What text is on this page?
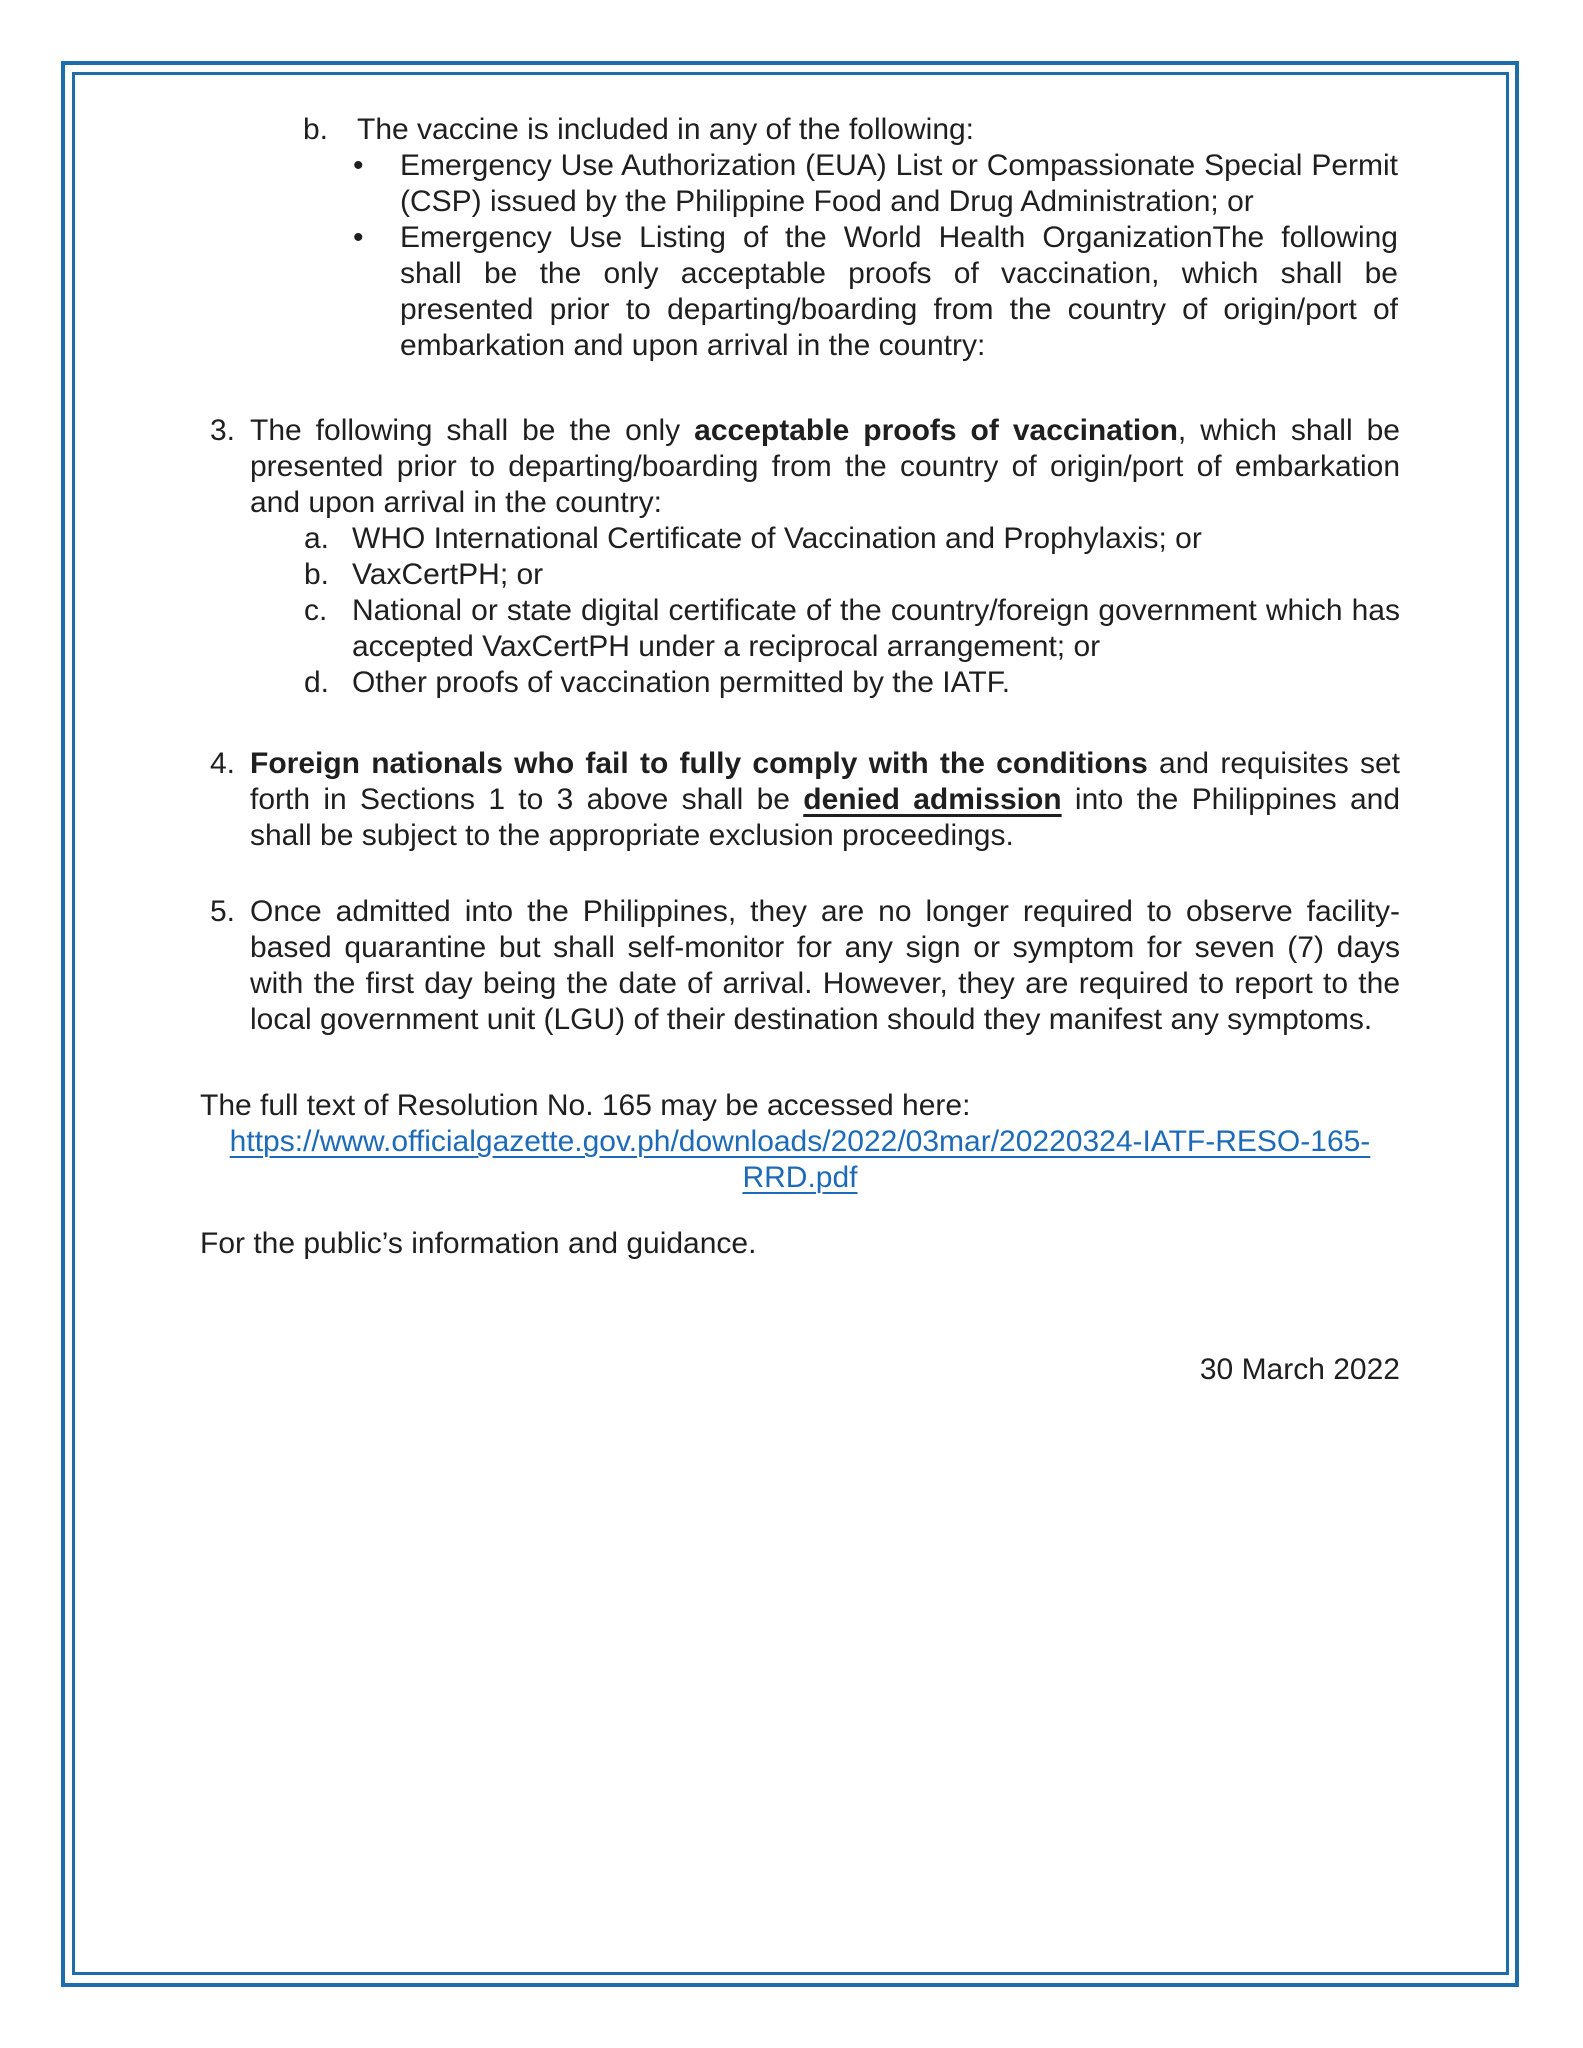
b. The vaccine is included in any of the following:
•	Emergency Use Authorization (EUA) List or Compassionate Special Permit (CSP) issued by the Philippine Food and Drug Administration; or
•	Emergency Use Listing of the World Health OrganizationThe following shall be the only acceptable proofs of vaccination, which shall be presented prior to departing/boarding from the country of origin/port of embarkation and upon arrival in the country:
3. The following shall be the only acceptable proofs of vaccination, which shall be presented prior to departing/boarding from the country of origin/port of embarkation and upon arrival in the country:
a. WHO International Certificate of Vaccination and Prophylaxis; or
b. VaxCertPH; or
c. National or state digital certificate of the country/foreign government which has accepted VaxCertPH under a reciprocal arrangement; or
d. Other proofs of vaccination permitted by the IATF.
4. Foreign nationals who fail to fully comply with the conditions and requisites set forth in Sections 1 to 3 above shall be denied admission into the Philippines and shall be subject to the appropriate exclusion proceedings.
5. Once admitted into the Philippines, they are no longer required to observe facility-based quarantine but shall self-monitor for any sign or symptom for seven (7) days with the first day being the date of arrival. However, they are required to report to the local government unit (LGU) of their destination should they manifest any symptoms.
The full text of Resolution No. 165 may be accessed here:
https://www.officialgazette.gov.ph/downloads/2022/03mar/20220324-IATF-RESO-165-RRD.pdf
For the public’s information and guidance.
30 March 2022
